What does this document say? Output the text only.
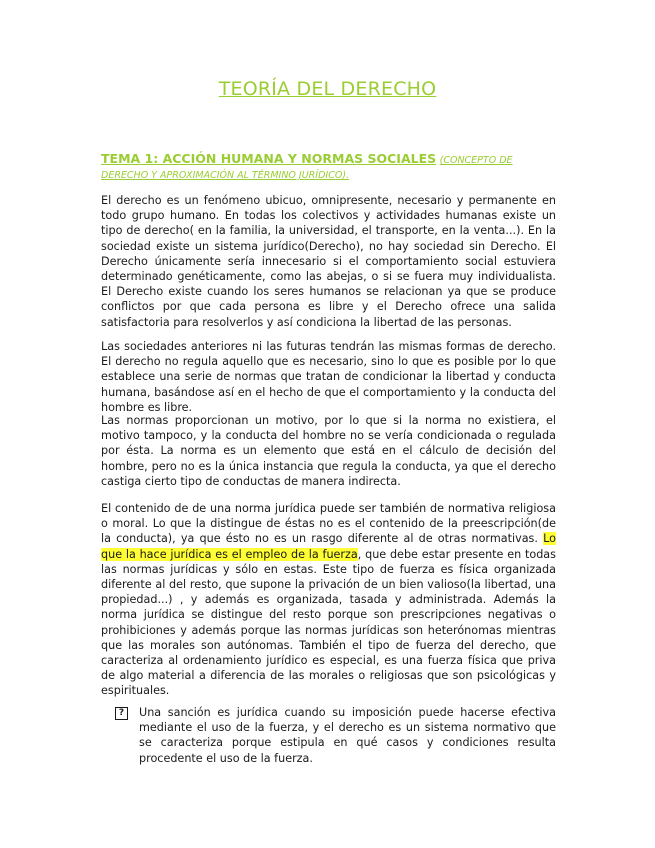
TEORÍA DEL DERECHO

TEMA 1: ACCIÓN HUMANA Y NORMAS SOCIALES (CONCEPTO DE DERECHO Y APROXIMACIÓN AL TÉRMINO JURÍDICO).

El derecho es un fenómeno ubicuo, omnipresente, necesario y permanente en todo grupo humano. En todas los colectivos y actividades humanas existe un tipo de derecho( en la familia, la universidad, el transporte, en la venta...). En la sociedad existe un sistema jurídico(Derecho), no hay sociedad sin Derecho. El Derecho únicamente sería innecesario si el comportamiento social estuviera determinado genéticamente, como las abejas, o si se fuera muy individualista. El Derecho existe cuando los seres humanos se relacionan ya que se produce conflictos por que cada persona es libre y el Derecho ofrece una salida satisfactoria para resolverlos y así condiciona la libertad de las personas.

Las sociedades anteriores ni las futuras tendrán las mismas formas de derecho. El derecho no regula aquello que es necesario, sino lo que es posible por lo que establece una serie de normas que tratan de condicionar la libertad y conducta humana, basándose así en el hecho de que el comportamiento y la conducta del hombre es libre.

Las normas proporcionan un motivo, por lo que si la norma no existiera, el motivo tampoco, y la conducta del hombre no se vería condicionada o regulada por ésta. La norma es un elemento que está en el cálculo de decisión del hombre, pero no es la única instancia que regula la conducta, ya que el derecho castiga cierto tipo de conductas de manera indirecta.

El contenido de de una norma jurídica puede ser también de normativa religiosa o moral. Lo que la distingue de éstas no es el contenido de la preescripción(de la conducta), ya que ésto no es un rasgo diferente al de otras normativas. Lo que la hace jurídica es el empleo de la fuerza, que debe estar presente en todas las normas jurídicas y sólo en estas. Este tipo de fuerza es física organizada diferente al del resto, que supone la privación de un bien valioso(la libertad, una propiedad...) , y además es organizada, tasada y administrada. Además la norma jurídica se distingue del resto porque son prescripciones negativas o prohibiciones y además porque las normas jurídicas son heterónomas mientras que las morales son autónomas. También el tipo de fuerza del derecho, que caracteriza al ordenamiento jurídico es especial, es una fuerza física que priva de algo material a diferencia de las morales o religiosas que son psicológicas y espirituales.

?	Una sanción es jurídica cuando su imposición puede hacerse efectiva mediante el uso de la fuerza, y el derecho es un sistema normativo que se caracteriza porque estipula en qué casos y condiciones resulta procedente el uso de la fuerza.
